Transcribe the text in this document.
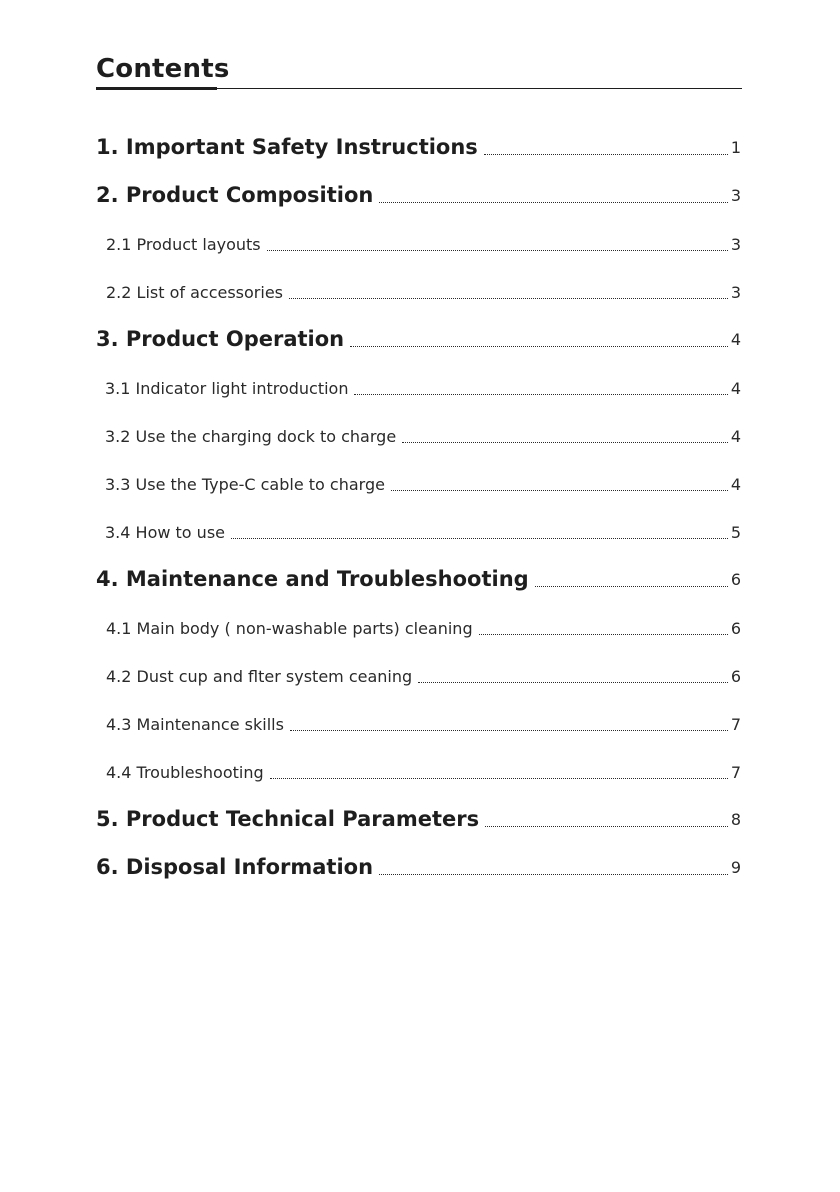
Contents
1. Important Safety Instructions	1
2. Product Composition	3
2.1 Product layouts	3
2.2 List of accessories	3
3. Product Operation	4
3.1 Indicator light introduction	4
3.2 Use the charging dock to charge	4
3.3 Use the Type-C cable to charge	4
3.4 How to use	5
4. Maintenance and Troubleshooting	6
4.1 Main body ( non-washable parts) cleaning	6
4.2 Dust cup and flter system ceaning	6
4.3 Maintenance skills	7
4.4 Troubleshooting	7
5. Product Technical Parameters	8
6. Disposal Information	9
